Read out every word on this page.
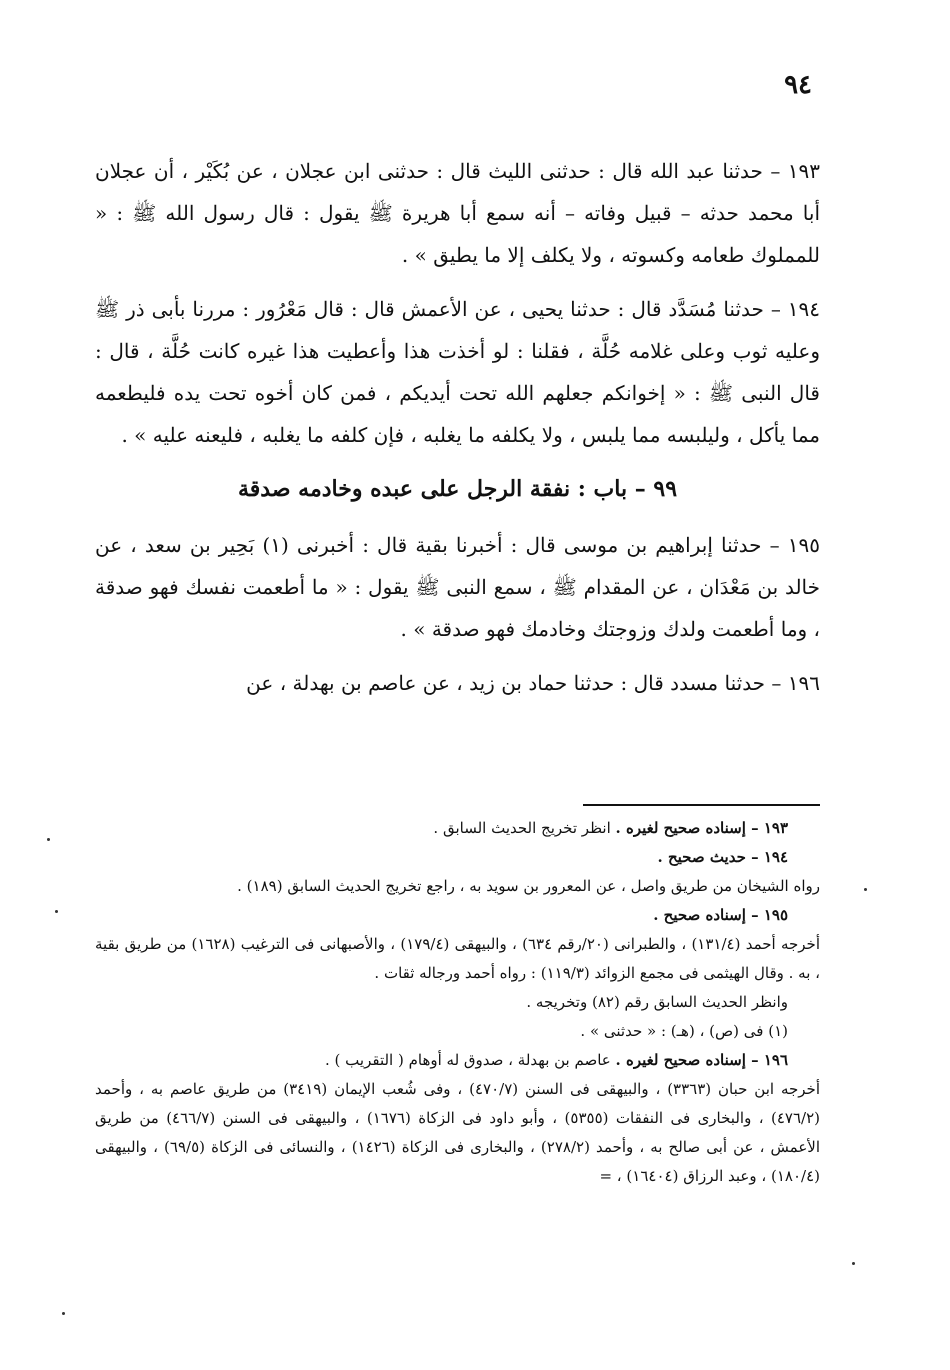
٩٤

١٩٣ – حدثنا عبد الله قال : حدثنى الليث قال : حدثنى ابن عجلان ، عن بُكَيْر ، أن عجلان أبا محمد حدثه – قبيل وفاته – أنه سمع أبا هريرة ﷺ يقول : قال رسول الله ﷺ : « للمملوك طعامه وكسوته ، ولا يكلف إلا ما يطيق » .

١٩٤ – حدثنا مُسَدَّد قال : حدثنا يحيى ، عن الأعمش قال : قال مَعْرُور : مررنا بأبى ذر ﷺ وعليه ثوب وعلى غلامه حُلَّة ، فقلنا : لو أخذت هذا وأعطيت هذا غيره كانت حُلَّة ، قال : قال النبى ﷺ : « إخوانكم جعلهم الله تحت أيديكم ، فمن كان أخوه تحت يده فليطعمه مما يأكل ، وليلبسه مما يلبس ، ولا يكلفه ما يغلبه ، فإن كلفه ما يغلبه ، فليعنه عليه » .

٩٩ – باب : نفقة الرجل على عبده وخادمه صدقة

١٩٥ – حدثنا إبراهيم بن موسى قال : أخبرنا بقية قال : أخبرنى (١) بَحِير بن سعد ، عن خالد بن مَعْدَان ، عن المقدام ﷺ ، سمع النبى ﷺ يقول : « ما أطعمت نفسك فهو صدقة ، وما أطعمت ولدك وزوجتك وخادمك فهو صدقة » .

١٩٦ – حدثنا مسدد قال : حدثنا حماد بن زيد ، عن عاصم بن بهدلة ، عن

١٩٣ – إسناده صحيح لغيره . انظر تخريج الحديث السابق .

١٩٤ – حديث صحيح .

رواه الشيخان من طريق واصل ، عن المعرور بن سويد به ، راجع تخريج الحديث السابق (١٨٩) .

١٩٥ – إسناده صحيح .

أخرجه أحمد (١٣١/٤) ، والطبرانى (٢٠/رقم ٦٣٤) ، والبيهقى (١٧٩/٤) ، والأصبهانى فى الترغيب (١٦٢٨) من طريق بقية ، به . وقال الهيثمى فى مجمع الزوائد (١١٩/٣) : رواه أحمد ورجاله ثقات .

وانظر الحديث السابق رقم (٨٢) وتخريجه .

(١) فى (ص) ، (هـ) : « حدثنى » .

١٩٦ – إسناده صحيح لغيره . عاصم بن بهدلة ، صدوق له أوهام ( التقريب ) .

أخرجه ابن حبان (٣٣٦٣) ، والبيهقى فى السنن (٤٧٠/٧) ، وفى شُعب الإيمان (٣٤١٩) من طريق عاصم به ، وأحمد (٤٧٦/٢) ، والبخارى فى النفقات (٥٣٥٥) ، وأبو داود فى الزكاة (١٦٧٦) ، والبيهقى فى السنن (٤٦٦/٧) من طريق الأعمش ، عن أبى صالح به ، وأحمد (٢٧٨/٢) ، والبخارى فى الزكاة (١٤٢٦) ، والنسائى فى الزكاة (٦٩/٥) ، والبيهقى (١٨٠/٤) ، وعبد الرزاق (١٦٤٠٤) ، =
